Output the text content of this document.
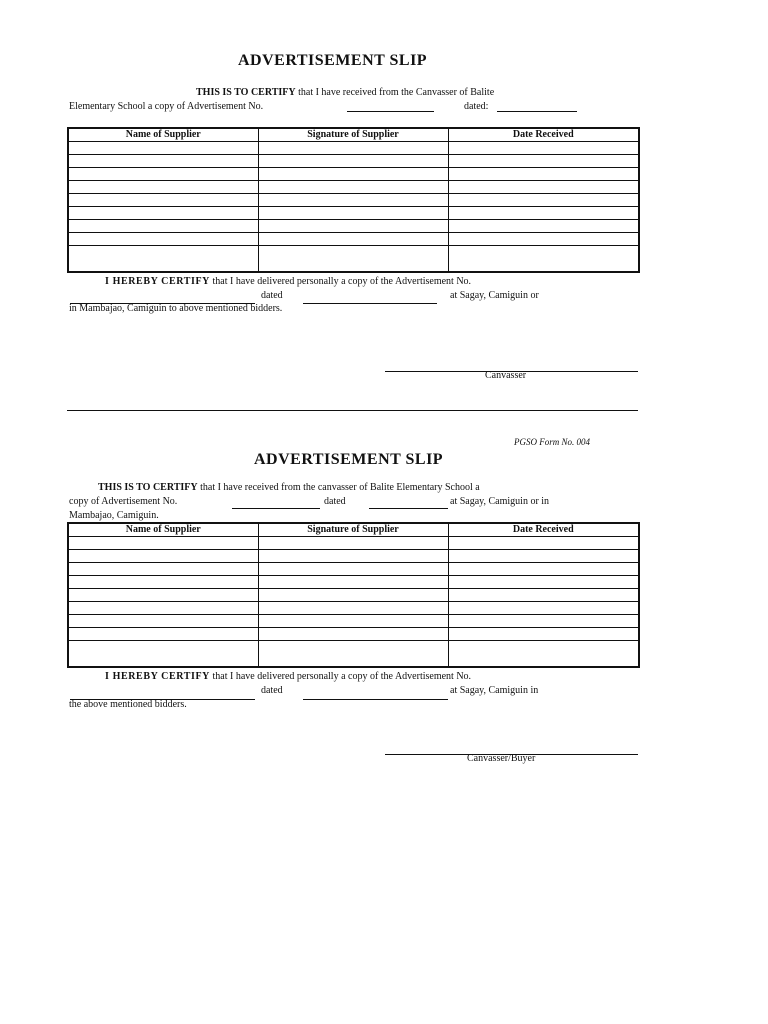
ADVERTISEMENT SLIP
THIS IS TO CERTIFY that I have received from the Canvasser of Balite
Elementary School a copy of Advertisement No.	dated:
Name of Supplier	Signature of Supplier	Date Received

I HEREBY CERTIFY that I have delivered personally a copy of the Advertisement No.
dated	at Sagay, Camiguin or
in Mambajao, Camiguin to above mentioned bidders.
Canvasser
PGSO Form No. 004
ADVERTISEMENT SLIP
THIS IS TO CERTIFY that I have received from the canvasser of Balite Elementary School a
copy of Advertisement No.	dated	at Sagay, Camiguin or in
Mambajao, Camiguin.
Name of Supplier	Signature of Supplier	Date Received

I HEREBY CERTIFY that I have delivered personally a copy of the Advertisement No.
dated	at Sagay, Camiguin in
the above mentioned bidders.
Canvasser/Buyer
